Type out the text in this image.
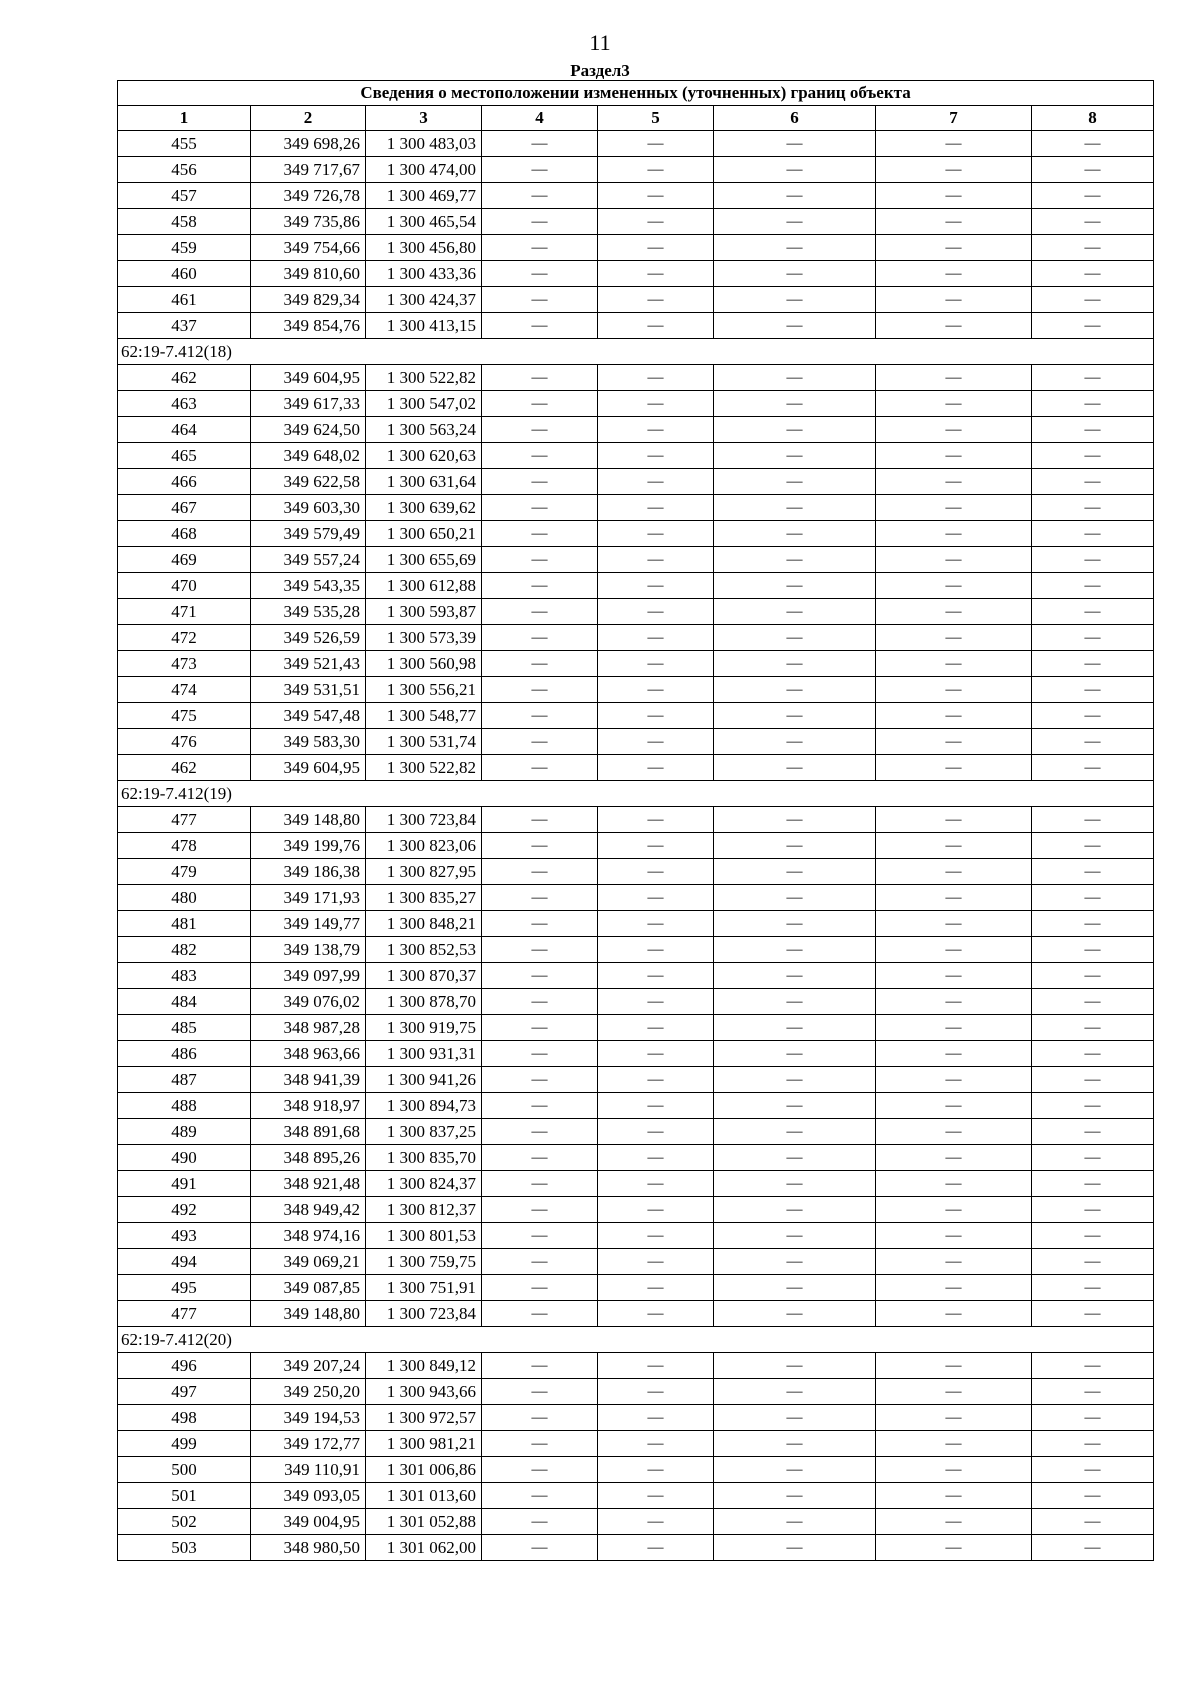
11
Раздел3
Сведения о местоположении измененных (уточненных) границ объекта							
1	2	3	4	5	6	7	8
455	349 698,26	1 300 483,03	—	—	—	—	—
456	349 717,67	1 300 474,00	—	—	—	—	—
457	349 726,78	1 300 469,77	—	—	—	—	—
458	349 735,86	1 300 465,54	—	—	—	—	—
459	349 754,66	1 300 456,80	—	—	—	—	—
460	349 810,60	1 300 433,36	—	—	—	—	—
461	349 829,34	1 300 424,37	—	—	—	—	—
437	349 854,76	1 300 413,15	—	—	—	—	—
62:19-7.412(18)							
462	349 604,95	1 300 522,82	—	—	—	—	—
463	349 617,33	1 300 547,02	—	—	—	—	—
464	349 624,50	1 300 563,24	—	—	—	—	—
465	349 648,02	1 300 620,63	—	—	—	—	—
466	349 622,58	1 300 631,64	—	—	—	—	—
467	349 603,30	1 300 639,62	—	—	—	—	—
468	349 579,49	1 300 650,21	—	—	—	—	—
469	349 557,24	1 300 655,69	—	—	—	—	—
470	349 543,35	1 300 612,88	—	—	—	—	—
471	349 535,28	1 300 593,87	—	—	—	—	—
472	349 526,59	1 300 573,39	—	—	—	—	—
473	349 521,43	1 300 560,98	—	—	—	—	—
474	349 531,51	1 300 556,21	—	—	—	—	—
475	349 547,48	1 300 548,77	—	—	—	—	—
476	349 583,30	1 300 531,74	—	—	—	—	—
462	349 604,95	1 300 522,82	—	—	—	—	—
62:19-7.412(19)							
477	349 148,80	1 300 723,84	—	—	—	—	—
478	349 199,76	1 300 823,06	—	—	—	—	—
479	349 186,38	1 300 827,95	—	—	—	—	—
480	349 171,93	1 300 835,27	—	—	—	—	—
481	349 149,77	1 300 848,21	—	—	—	—	—
482	349 138,79	1 300 852,53	—	—	—	—	—
483	349 097,99	1 300 870,37	—	—	—	—	—
484	349 076,02	1 300 878,70	—	—	—	—	—
485	348 987,28	1 300 919,75	—	—	—	—	—
486	348 963,66	1 300 931,31	—	—	—	—	—
487	348 941,39	1 300 941,26	—	—	—	—	—
488	348 918,97	1 300 894,73	—	—	—	—	—
489	348 891,68	1 300 837,25	—	—	—	—	—
490	348 895,26	1 300 835,70	—	—	—	—	—
491	348 921,48	1 300 824,37	—	—	—	—	—
492	348 949,42	1 300 812,37	—	—	—	—	—
493	348 974,16	1 300 801,53	—	—	—	—	—
494	349 069,21	1 300 759,75	—	—	—	—	—
495	349 087,85	1 300 751,91	—	—	—	—	—
477	349 148,80	1 300 723,84	—	—	—	—	—
62:19-7.412(20)							
496	349 207,24	1 300 849,12	—	—	—	—	—
497	349 250,20	1 300 943,66	—	—	—	—	—
498	349 194,53	1 300 972,57	—	—	—	—	—
499	349 172,77	1 300 981,21	—	—	—	—	—
500	349 110,91	1 301 006,86	—	—	—	—	—
501	349 093,05	1 301 013,60	—	—	—	—	—
502	349 004,95	1 301 052,88	—	—	—	—	—
503	348 980,50	1 301 062,00	—	—	—	—	—
